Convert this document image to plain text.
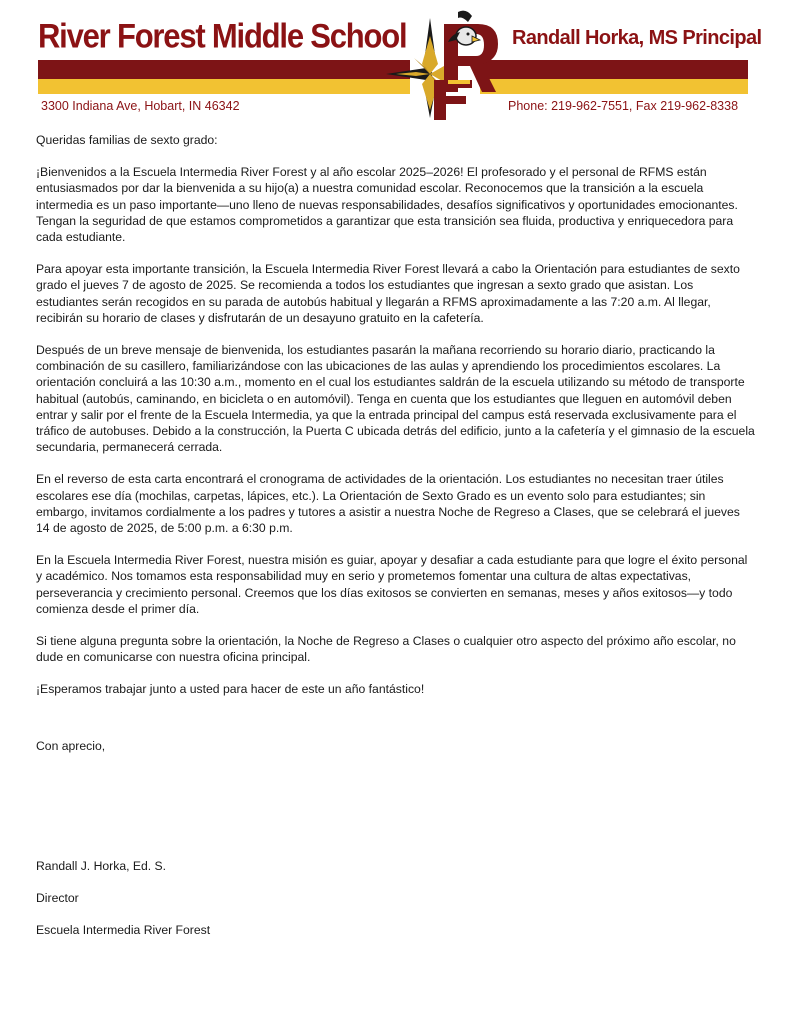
River Forest Middle School	Randall Horka, MS Principal
3300 Indiana Ave, Hobart, IN 46342	Phone: 219-962-7551, Fax 219-962-8338

Queridas familias de sexto grado:

¡Bienvenidos a la Escuela Intermedia River Forest y al año escolar 2025–2026! El profesorado y el personal de RFMS están entusiasmados por dar la bienvenida a su hijo(a) a nuestra comunidad escolar. Reconocemos que la transición a la escuela intermedia es un paso importante—uno lleno de nuevas responsabilidades, desafíos significativos y oportunidades emocionantes. Tengan la seguridad de que estamos comprometidos a garantizar que esta transición sea fluida, productiva y enriquecedora para cada estudiante.

Para apoyar esta importante transición, la Escuela Intermedia River Forest llevará a cabo la Orientación para estudiantes de sexto grado el jueves 7 de agosto de 2025. Se recomienda a todos los estudiantes que ingresan a sexto grado que asistan. Los estudiantes serán recogidos en su parada de autobús habitual y llegarán a RFMS aproximadamente a las 7:20 a.m. Al llegar, recibirán su horario de clases y disfrutarán de un desayuno gratuito en la cafetería.

Después de un breve mensaje de bienvenida, los estudiantes pasarán la mañana recorriendo su horario diario, practicando la combinación de su casillero, familiarizándose con las ubicaciones de las aulas y aprendiendo los procedimientos escolares. La orientación concluirá a las 10:30 a.m., momento en el cual los estudiantes saldrán de la escuela utilizando su método de transporte habitual (autobús, caminando, en bicicleta o en automóvil). Tenga en cuenta que los estudiantes que lleguen en automóvil deben entrar y salir por el frente de la Escuela Intermedia, ya que la entrada principal del campus está reservada exclusivamente para el tráfico de autobuses. Debido a la construcción, la Puerta C ubicada detrás del edificio, junto a la cafetería y el gimnasio de la escuela secundaria, permanecerá cerrada.

En el reverso de esta carta encontrará el cronograma de actividades de la orientación. Los estudiantes no necesitan traer útiles escolares ese día (mochilas, carpetas, lápices, etc.). La Orientación de Sexto Grado es un evento solo para estudiantes; sin embargo, invitamos cordialmente a los padres y tutores a asistir a nuestra Noche de Regreso a Clases, que se celebrará el jueves 14 de agosto de 2025, de 5:00 p.m. a 6:30 p.m.

En la Escuela Intermedia River Forest, nuestra misión es guiar, apoyar y desafiar a cada estudiante para que logre el éxito personal y académico. Nos tomamos esta responsabilidad muy en serio y prometemos fomentar una cultura de altas expectativas, perseverancia y crecimiento personal. Creemos que los días exitosos se convierten en semanas, meses y años exitosos—y todo comienza desde el primer día.

Si tiene alguna pregunta sobre la orientación, la Noche de Regreso a Clases o cualquier otro aspecto del próximo año escolar, no dude en comunicarse con nuestra oficina principal.

¡Esperamos trabajar junto a usted para hacer de este un año fantástico!

Con aprecio,

Randall J. Horka, Ed. S.

Director

Escuela Intermedia River Forest
